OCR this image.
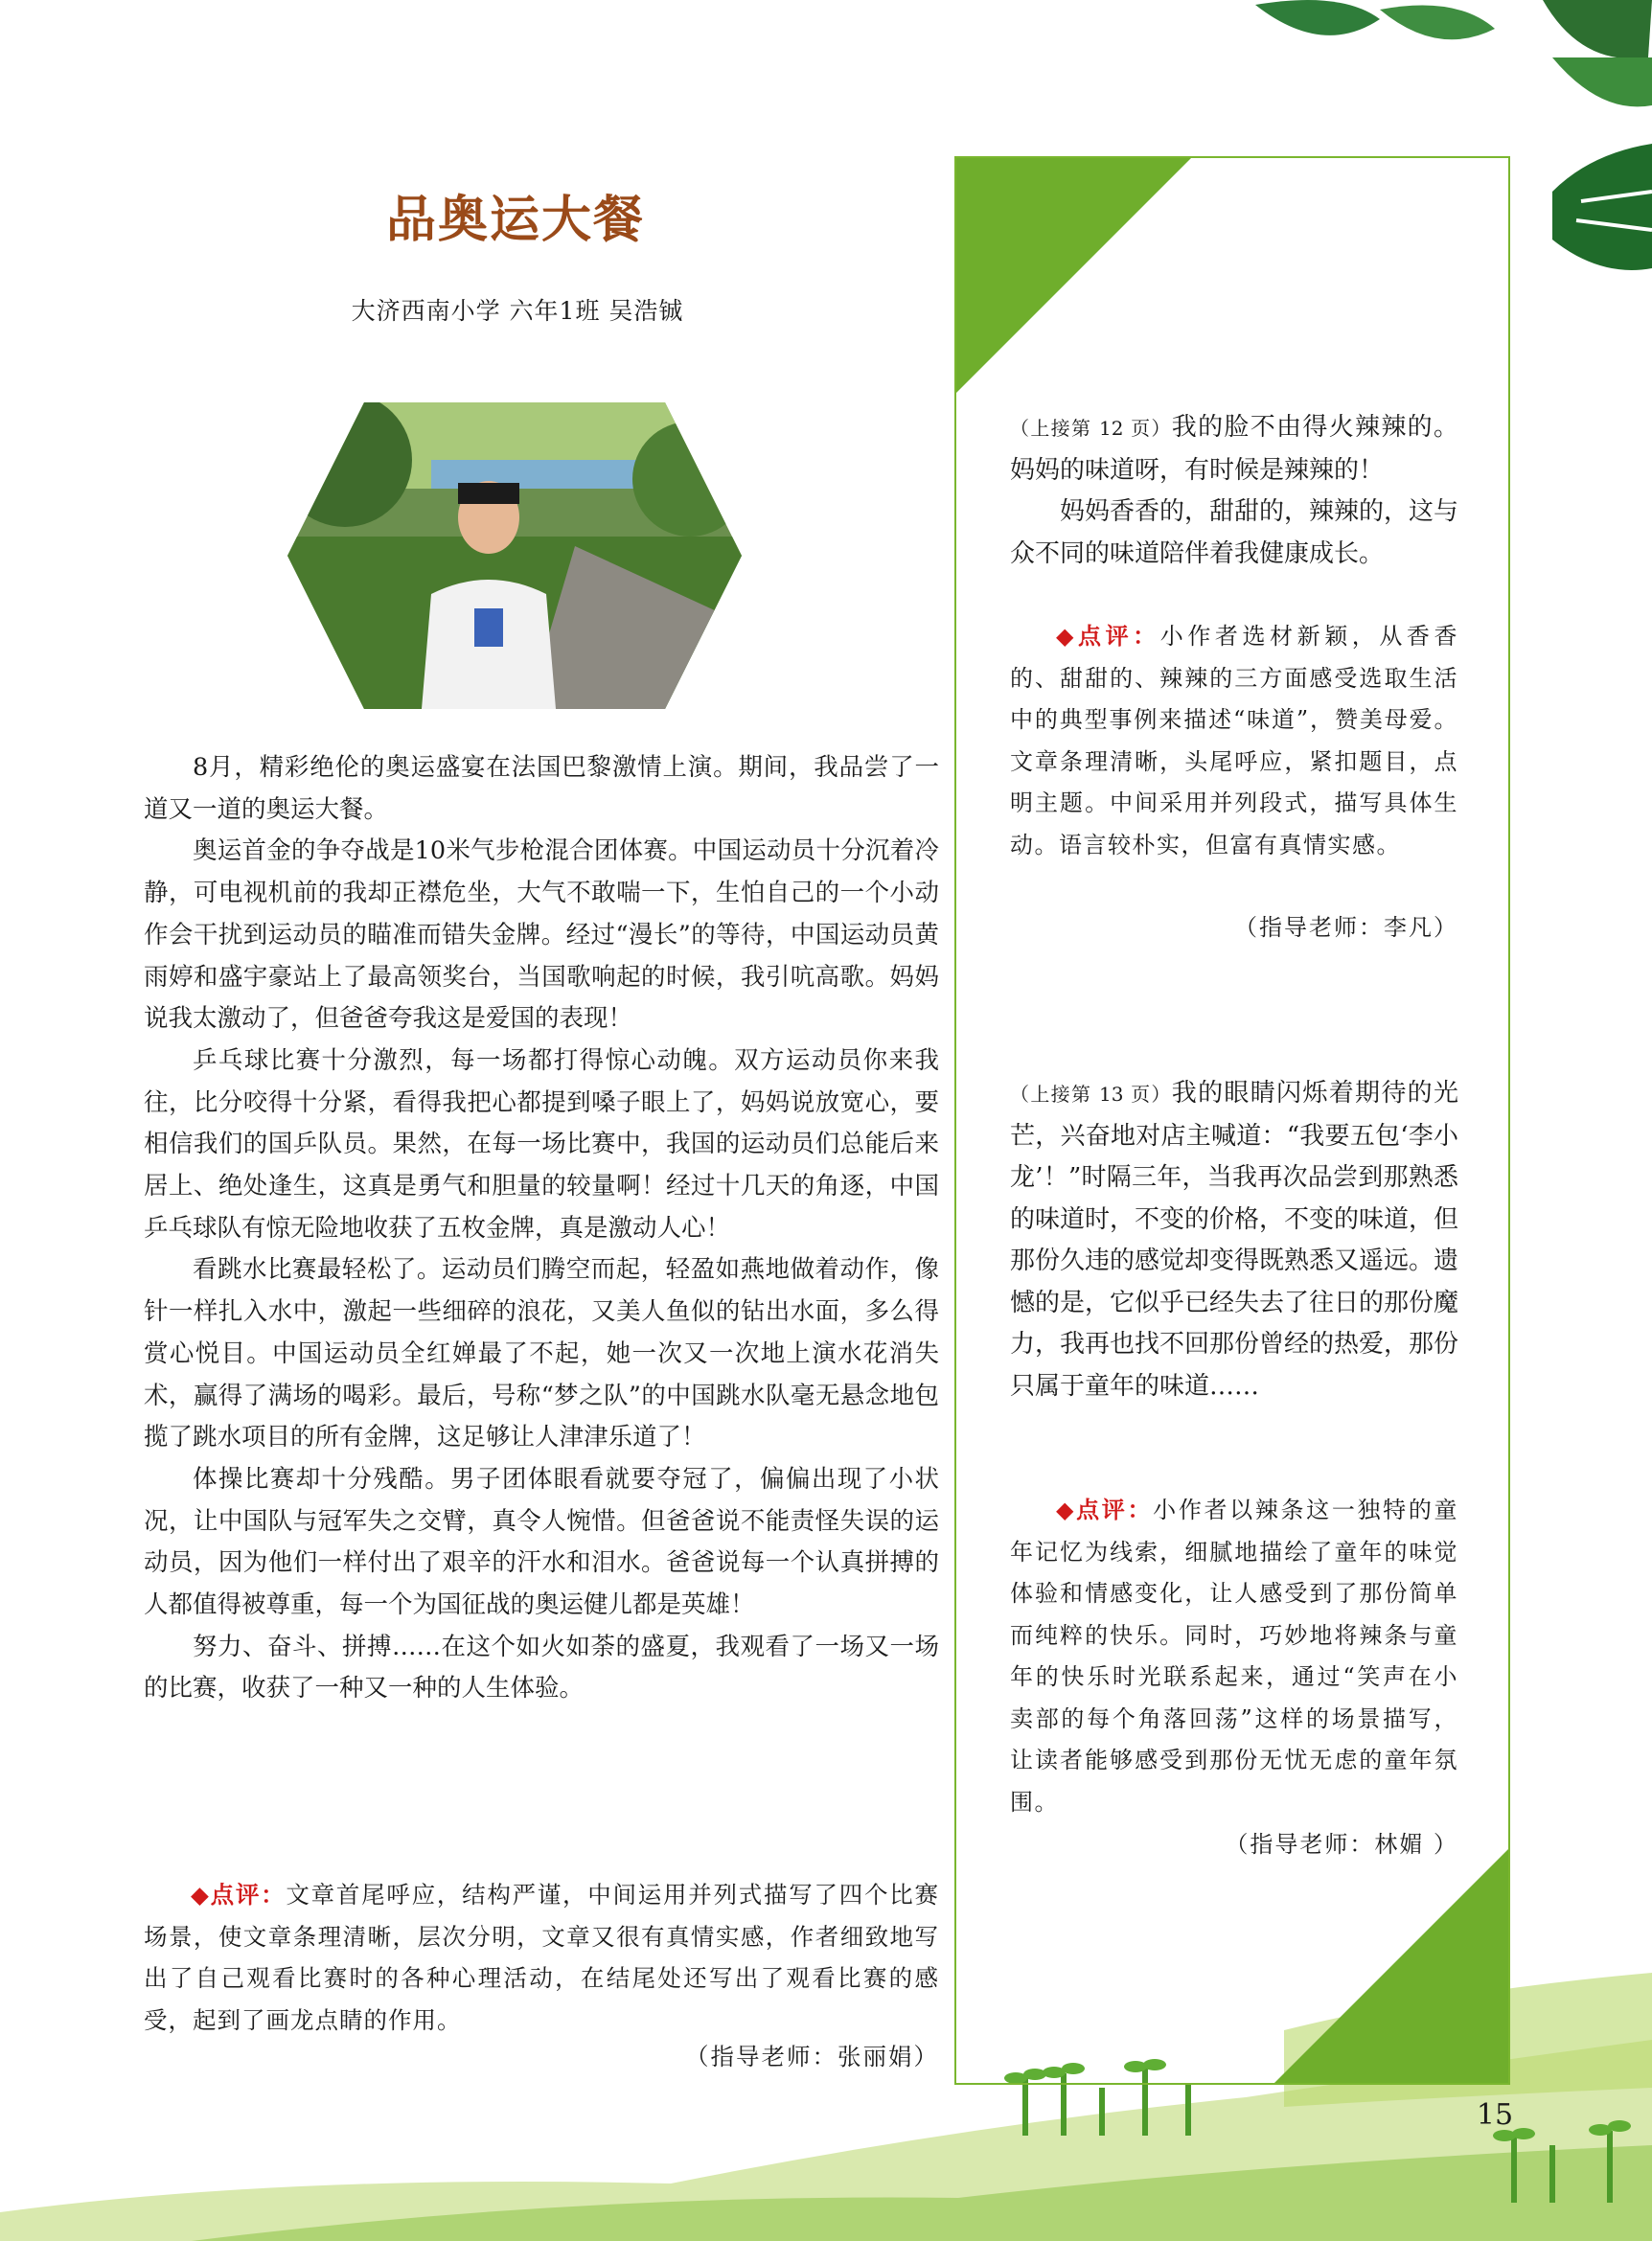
品奥运大餐
大济西南小学 六年1班 吴浩铖

8月，精彩绝伦的奥运盛宴在法国巴黎激情上演。期间，我品尝了一道又一道的奥运大餐。

奥运首金的争夺战是10米气步枪混合团体赛。中国运动员十分沉着冷静，可电视机前的我却正襟危坐，大气不敢喘一下，生怕自己的一个小动作会干扰到运动员的瞄准而错失金牌。经过“漫长”的等待，中国运动员黄雨婷和盛宇豪站上了最高领奖台，当国歌响起的时候，我引吭高歌。妈妈说我太激动了，但爸爸夸我这是爱国的表现！

乒乓球比赛十分激烈，每一场都打得惊心动魄。双方运动员你来我往，比分咬得十分紧，看得我把心都提到嗓子眼上了，妈妈说放宽心，要相信我们的国乒队员。果然，在每一场比赛中，我国的运动员们总能后来居上、绝处逢生，这真是勇气和胆量的较量啊！经过十几天的角逐，中国乒乓球队有惊无险地收获了五枚金牌，真是激动人心！

看跳水比赛最轻松了。运动员们腾空而起，轻盈如燕地做着动作，像针一样扎入水中，激起一些细碎的浪花，又美人鱼似的钻出水面，多么得赏心悦目。中国运动员全红婵最了不起，她一次又一次地上演水花消失术，赢得了满场的喝彩。最后，号称“梦之队”的中国跳水队毫无悬念地包揽了跳水项目的所有金牌，这足够让人津津乐道了！

体操比赛却十分残酷。男子团体眼看就要夺冠了，偏偏出现了小状况，让中国队与冠军失之交臂，真令人惋惜。但爸爸说不能责怪失误的运动员，因为他们一样付出了艰辛的汗水和泪水。爸爸说每一个认真拼搏的人都值得被尊重，每一个为国征战的奥运健儿都是英雄！

努力、奋斗、拼搏……在这个如火如荼的盛夏，我观看了一场又一场的比赛，收获了一种又一种的人生体验。

◆点评：文章首尾呼应，结构严谨，中间运用并列式描写了四个比赛场景，使文章条理清晰，层次分明，文章又很有真情实感，作者细致地写出了自己观看比赛时的各种心理活动，在结尾处还写出了观看比赛的感受，起到了画龙点睛的作用。

（指导老师：张丽娟）

（上接第 12 页）我的脸不由得火辣辣的。妈妈的味道呀，有时候是辣辣的！

妈妈香香的，甜甜的，辣辣的，这与众不同的味道陪伴着我健康成长。

◆点评：小作者选材新颖，从香香的、甜甜的、辣辣的三方面感受选取生活中的典型事例来描述“味道”，赞美母爱。文章条理清晰，头尾呼应，紧扣题目，点明主题。中间采用并列段式，描写具体生动。语言较朴实，但富有真情实感。

（指导老师：李凡）

（上接第 13 页）我的眼睛闪烁着期待的光芒，兴奋地对店主喊道：“我要五包‘李小龙’！”时隔三年，当我再次品尝到那熟悉的味道时，不变的价格，不变的味道，但那份久违的感觉却变得既熟悉又遥远。遗憾的是，它似乎已经失去了往日的那份魔力，我再也找不回那份曾经的热爱，那份只属于童年的味道……

◆点评：小作者以辣条这一独特的童年记忆为线索，细腻地描绘了童年的味觉体验和情感变化，让人感受到了那份简单而纯粹的快乐。同时，巧妙地将辣条与童年的快乐时光联系起来，通过“笑声在小卖部的每个角落回荡”这样的场景描写，让读者能够感受到那份无忧无虑的童年氛围。

（指导老师：林媚 ）
15
